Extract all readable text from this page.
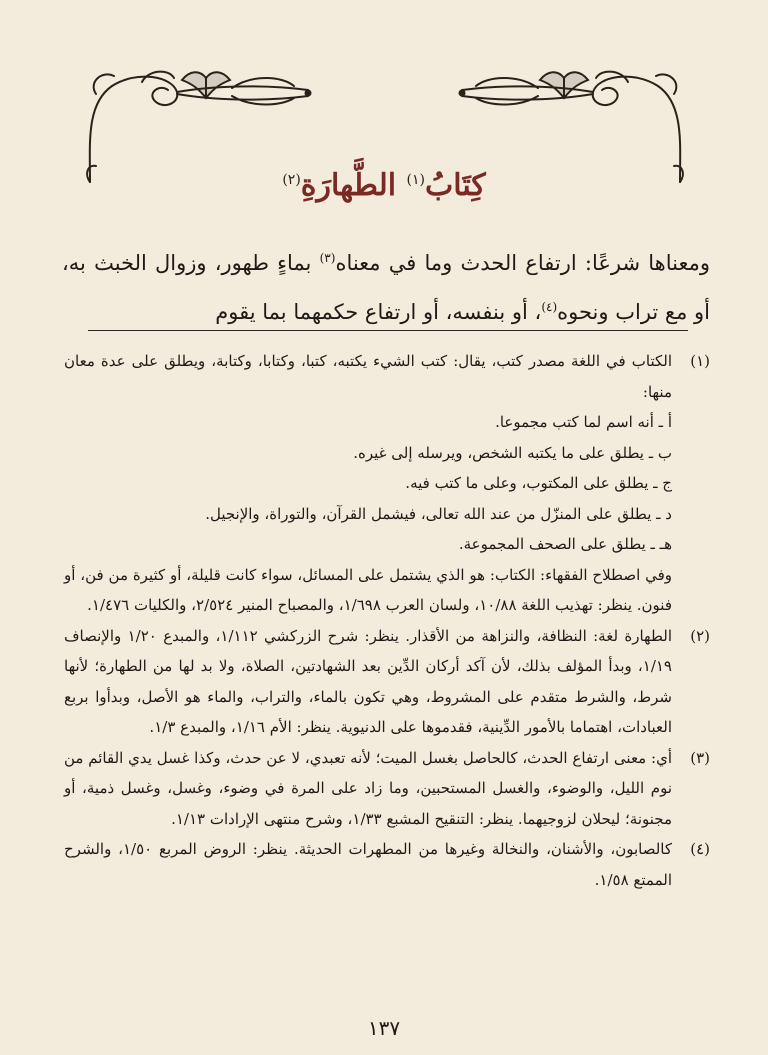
كِتَابُ$^{(١)}$ الطَّهارَةِ$^{(٢)}$
ومعناها شرعًا: ارتفاع الحدث وما في معناه$^{(٣)}$ بماءٍ طهور، وزوال الخبث به، أو مع تراب ونحوه$^{(٤)}$، أو بنفسه، أو ارتفاع حكمهما بما يقوم
(١)
الكتاب في اللغة مصدر كتب، يقال: كتب الشيء يكتبه، كتبا، وكتابا، وكتابة، ويطلق على عدة معان منها:
أ ـ أنه اسم لما كتب مجموعا.
ب ـ يطلق على ما يكتبه الشخص، ويرسله إلى غيره.
ج ـ يطلق على المكتوب، وعلى ما كتب فيه.
د ـ يطلق على المنزّل من عند الله تعالى، فيشمل القرآن، والتوراة، والإنجيل.
هـ ـ يطلق على الصحف المجموعة.
وفي اصطلاح الفقهاء: الكتاب: هو الذي يشتمل على المسائل، سواء كانت قليلة، أو كثيرة من فن، أو فنون. ينظر: تهذيب اللغة ١٠/٨٨، ولسان العرب ١/٦٩٨، والمصباح المنير ٢/٥٢٤، والكليات ١/٤٧٦.
(٢)
الطهارة لغة: النظافة، والنزاهة من الأقذار. ينظر: شرح الزركشي ١/١١٢، والمبدع ١/٢٠ والإنصاف ١/١٩، وبدأ المؤلف بذلك، لأن آكد أركان الدِّين بعد الشهادتين، الصلاة، ولا بد لها من الطهارة؛ لأنها شرط، والشرط متقدم على المشروط، وهي تكون بالماء، والتراب، والماء هو الأصل، وبدأوا بربع العبادات، اهتماما بالأمور الدِّينية، فقدموها على الدنيوية. ينظر: الأم ١/١٦، والمبدع ١/٣.
(٣)
أي: معنى ارتفاع الحدث، كالحاصل بغسل الميت؛ لأنه تعبدي، لا عن حدث، وكذا غسل يدي القائم من نوم الليل، والوضوء، والغسل المستحبين، وما زاد على المرة في وضوء، وغسل، وغسل ذمية، أو مجنونة؛ ليحلان لزوجيهما. ينظر: التنقيح المشبع ١/٣٣، وشرح منتهى الإرادات ١/١٣.
(٤)
كالصابون، والأشنان، والنخالة وغيرها من المطهرات الحديثة. ينظر: الروض المربع ١/٥٠، والشرح الممتع ١/٥٨.
١٣٧
